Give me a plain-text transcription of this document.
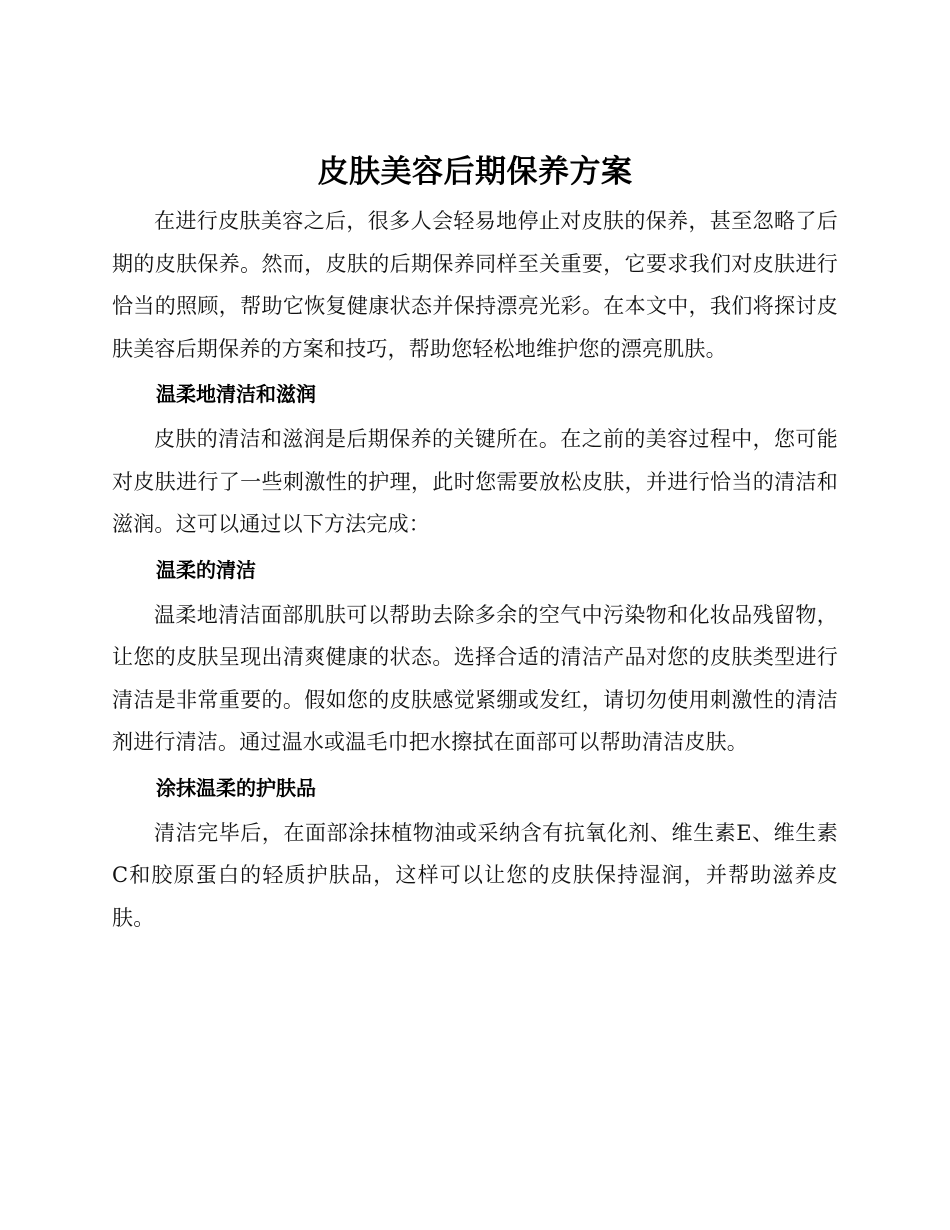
皮肤美容后期保养方案

在进行皮肤美容之后，很多人会轻易地停止对皮肤的保养，甚至忽略了后期的皮肤保养。然而，皮肤的后期保养同样至关重要，它要求我们对皮肤进行恰当的照顾，帮助它恢复健康状态并保持漂亮光彩。在本文中，我们将探讨皮肤美容后期保养的方案和技巧，帮助您轻松地维护您的漂亮肌肤。

温柔地清洁和滋润

皮肤的清洁和滋润是后期保养的关键所在。在之前的美容过程中，您可能对皮肤进行了一些刺激性的护理，此时您需要放松皮肤，并进行恰当的清洁和滋润。这可以通过以下方法完成：

温柔的清洁

温柔地清洁面部肌肤可以帮助去除多余的空气中污染物和化妆品残留物，让您的皮肤呈现出清爽健康的状态。选择合适的清洁产品对您的皮肤类型进行清洁是非常重要的。假如您的皮肤感觉紧绷或发红，请切勿使用刺激性的清洁剂进行清洁。通过温水或温毛巾把水擦拭在面部可以帮助清洁皮肤。

涂抹温柔的护肤品

清洁完毕后，在面部涂抹植物油或采纳含有抗氧化剂、维生素E、维生素C和胶原蛋白的轻质护肤品，这样可以让您的皮肤保持湿润，并帮助滋养皮肤。
